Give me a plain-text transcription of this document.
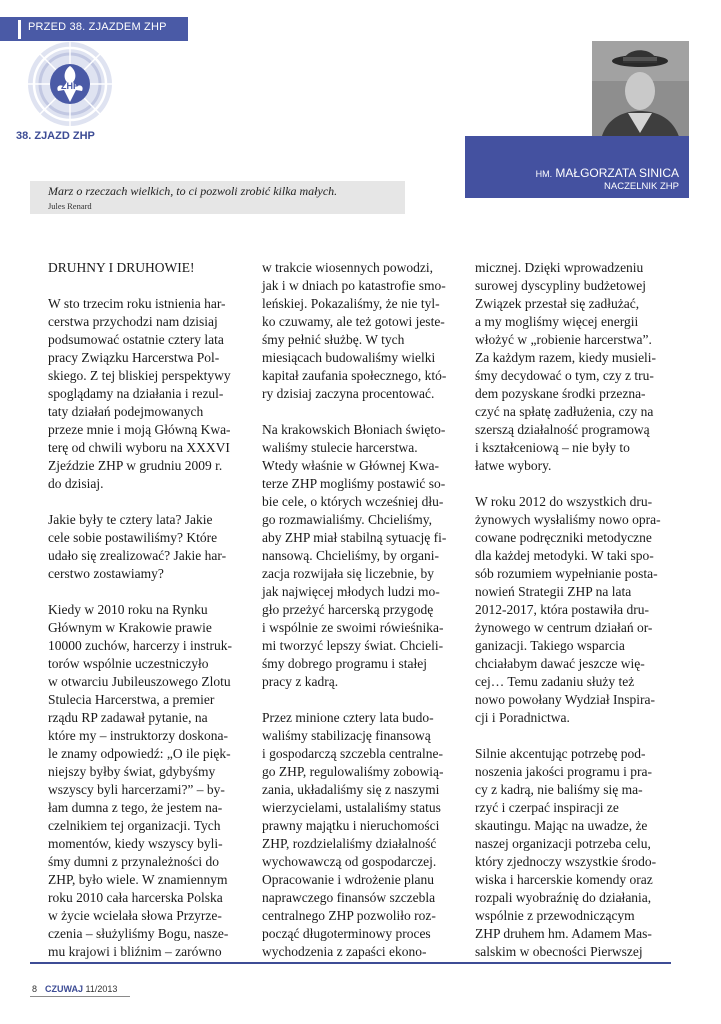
PRZED 38. ZJAZDEM ZHP
ZHP
38. ZJAZD ZHP
HM. MAŁGORZATA SINICA
NACZELNIK ZHP
Marz o rzeczach wielkich, to ci pozwoli zrobić kilka małych.
Jules Renard

DRUHNY I DRUHOWIE!

W sto trzecim roku istnienia har-
cerstwa przychodzi nam dzisiaj
podsumować ostatnie cztery lata
pracy Związku Harcerstwa Pol-
skiego. Z tej bliskiej perspektywy
spoglądamy na działania i rezul-
taty działań podejmowanych
przeze mnie i moją Główną Kwa-
terę od chwili wyboru na XXXVI
Zjeździe ZHP w grudniu 2009 r.
do dzisiaj.

Jakie były te cztery lata? Jakie
cele sobie postawiliśmy? Które
udało się zrealizować? Jakie har-
cerstwo zostawiamy?

Kiedy w 2010 roku na Rynku
Głównym w Krakowie prawie
10000 zuchów, harcerzy i instruk-
torów wspólnie uczestniczyło
w otwarciu Jubileuszowego Zlotu
Stulecia Harcerstwa, a premier
rządu RP zadawał pytanie, na
które my – instruktorzy doskona-
le znamy odpowiedź: „O ile pięk-
niejszy byłby świat, gdybyśmy
wszyscy byli harcerzami?” – by-
łam dumna z tego, że jestem na-
czelnikiem tej organizacji. Tych
momentów, kiedy wszyscy byli-
śmy dumni z przynależności do
ZHP, było wiele. W znamiennym
roku 2010 cała harcerska Polska
w życie wcielała słowa Przyrze-
czenia – służyliśmy Bogu, nasze-
mu krajowi i bliźnim – zarówno

w trakcie wiosennych powodzi,
jak i w dniach po katastrofie smo-
leńskiej. Pokazaliśmy, że nie tyl-
ko czuwamy, ale też gotowi jeste-
śmy pełnić służbę. W tych
miesiącach budowaliśmy wielki
kapitał zaufania społecznego, któ-
ry dzisiaj zaczyna procentować.

Na krakowskich Błoniach święto-
waliśmy stulecie harcerstwa.
Wtedy właśnie w Głównej Kwa-
terze ZHP mogliśmy postawić so-
bie cele, o których wcześniej dłu-
go rozmawialiśmy. Chcieliśmy,
aby ZHP miał stabilną sytuację fi-
nansową. Chcieliśmy, by organi-
zacja rozwijała się liczebnie, by
jak najwięcej młodych ludzi mo-
gło przeżyć harcerską przygodę
i wspólnie ze swoimi rówieśnika-
mi tworzyć lepszy świat. Chcieli-
śmy dobrego programu i stałej
pracy z kadrą.

Przez minione cztery lata budo-
waliśmy stabilizację finansową
i gospodarczą szczebla centralne-
go ZHP, regulowaliśmy zobowią-
zania, układaliśmy się z naszymi
wierzycielami, ustalaliśmy status
prawny majątku i nieruchomości
ZHP, rozdzielaliśmy działalność
wychowawczą od gospodarczej.
Opracowanie i wdrożenie planu
naprawczego finansów szczebla
centralnego ZHP pozwoliło roz-
począć długoterminowy proces
wychodzenia z zapaści ekono-

micznej. Dzięki wprowadzeniu
surowej dyscypliny budżetowej
Związek przestał się zadłużać,
a my mogliśmy więcej energii
włożyć w „robienie harcerstwa”.
Za każdym razem, kiedy musieli-
śmy decydować o tym, czy z tru-
dem pozyskane środki przezna-
czyć na spłatę zadłużenia, czy na
szerszą działalność programową
i kształceniową – nie były to
łatwe wybory.

W roku 2012 do wszystkich dru-
żynowych wysłaliśmy nowo opra-
cowane podręczniki metodyczne
dla każdej metodyki. W taki spo-
sób rozumiem wypełnianie posta-
nowień Strategii ZHP na lata
2012-2017, która postawiła dru-
żynowego w centrum działań or-
ganizacji. Takiego wsparcia
chciałabym dawać jeszcze wię-
cej… Temu zadaniu służy też
nowo powołany Wydział Inspira-
cji i Poradnictwa.

Silnie akcentując potrzebę pod-
noszenia jakości programu i pra-
cy z kadrą, nie baliśmy się ma-
rzyć i czerpać inspiracji ze
skautingu. Mając na uwadze, że
naszej organizacji potrzeba celu,
który zjednoczy wszystkie środo-
wiska i harcerskie komendy oraz
rozpali wyobraźnię do działania,
wspólnie z przewodniczącym
ZHP druhem hm. Adamem Mas-
salskim w obecności Pierwszej

8 CZUWAJ 11/2013
